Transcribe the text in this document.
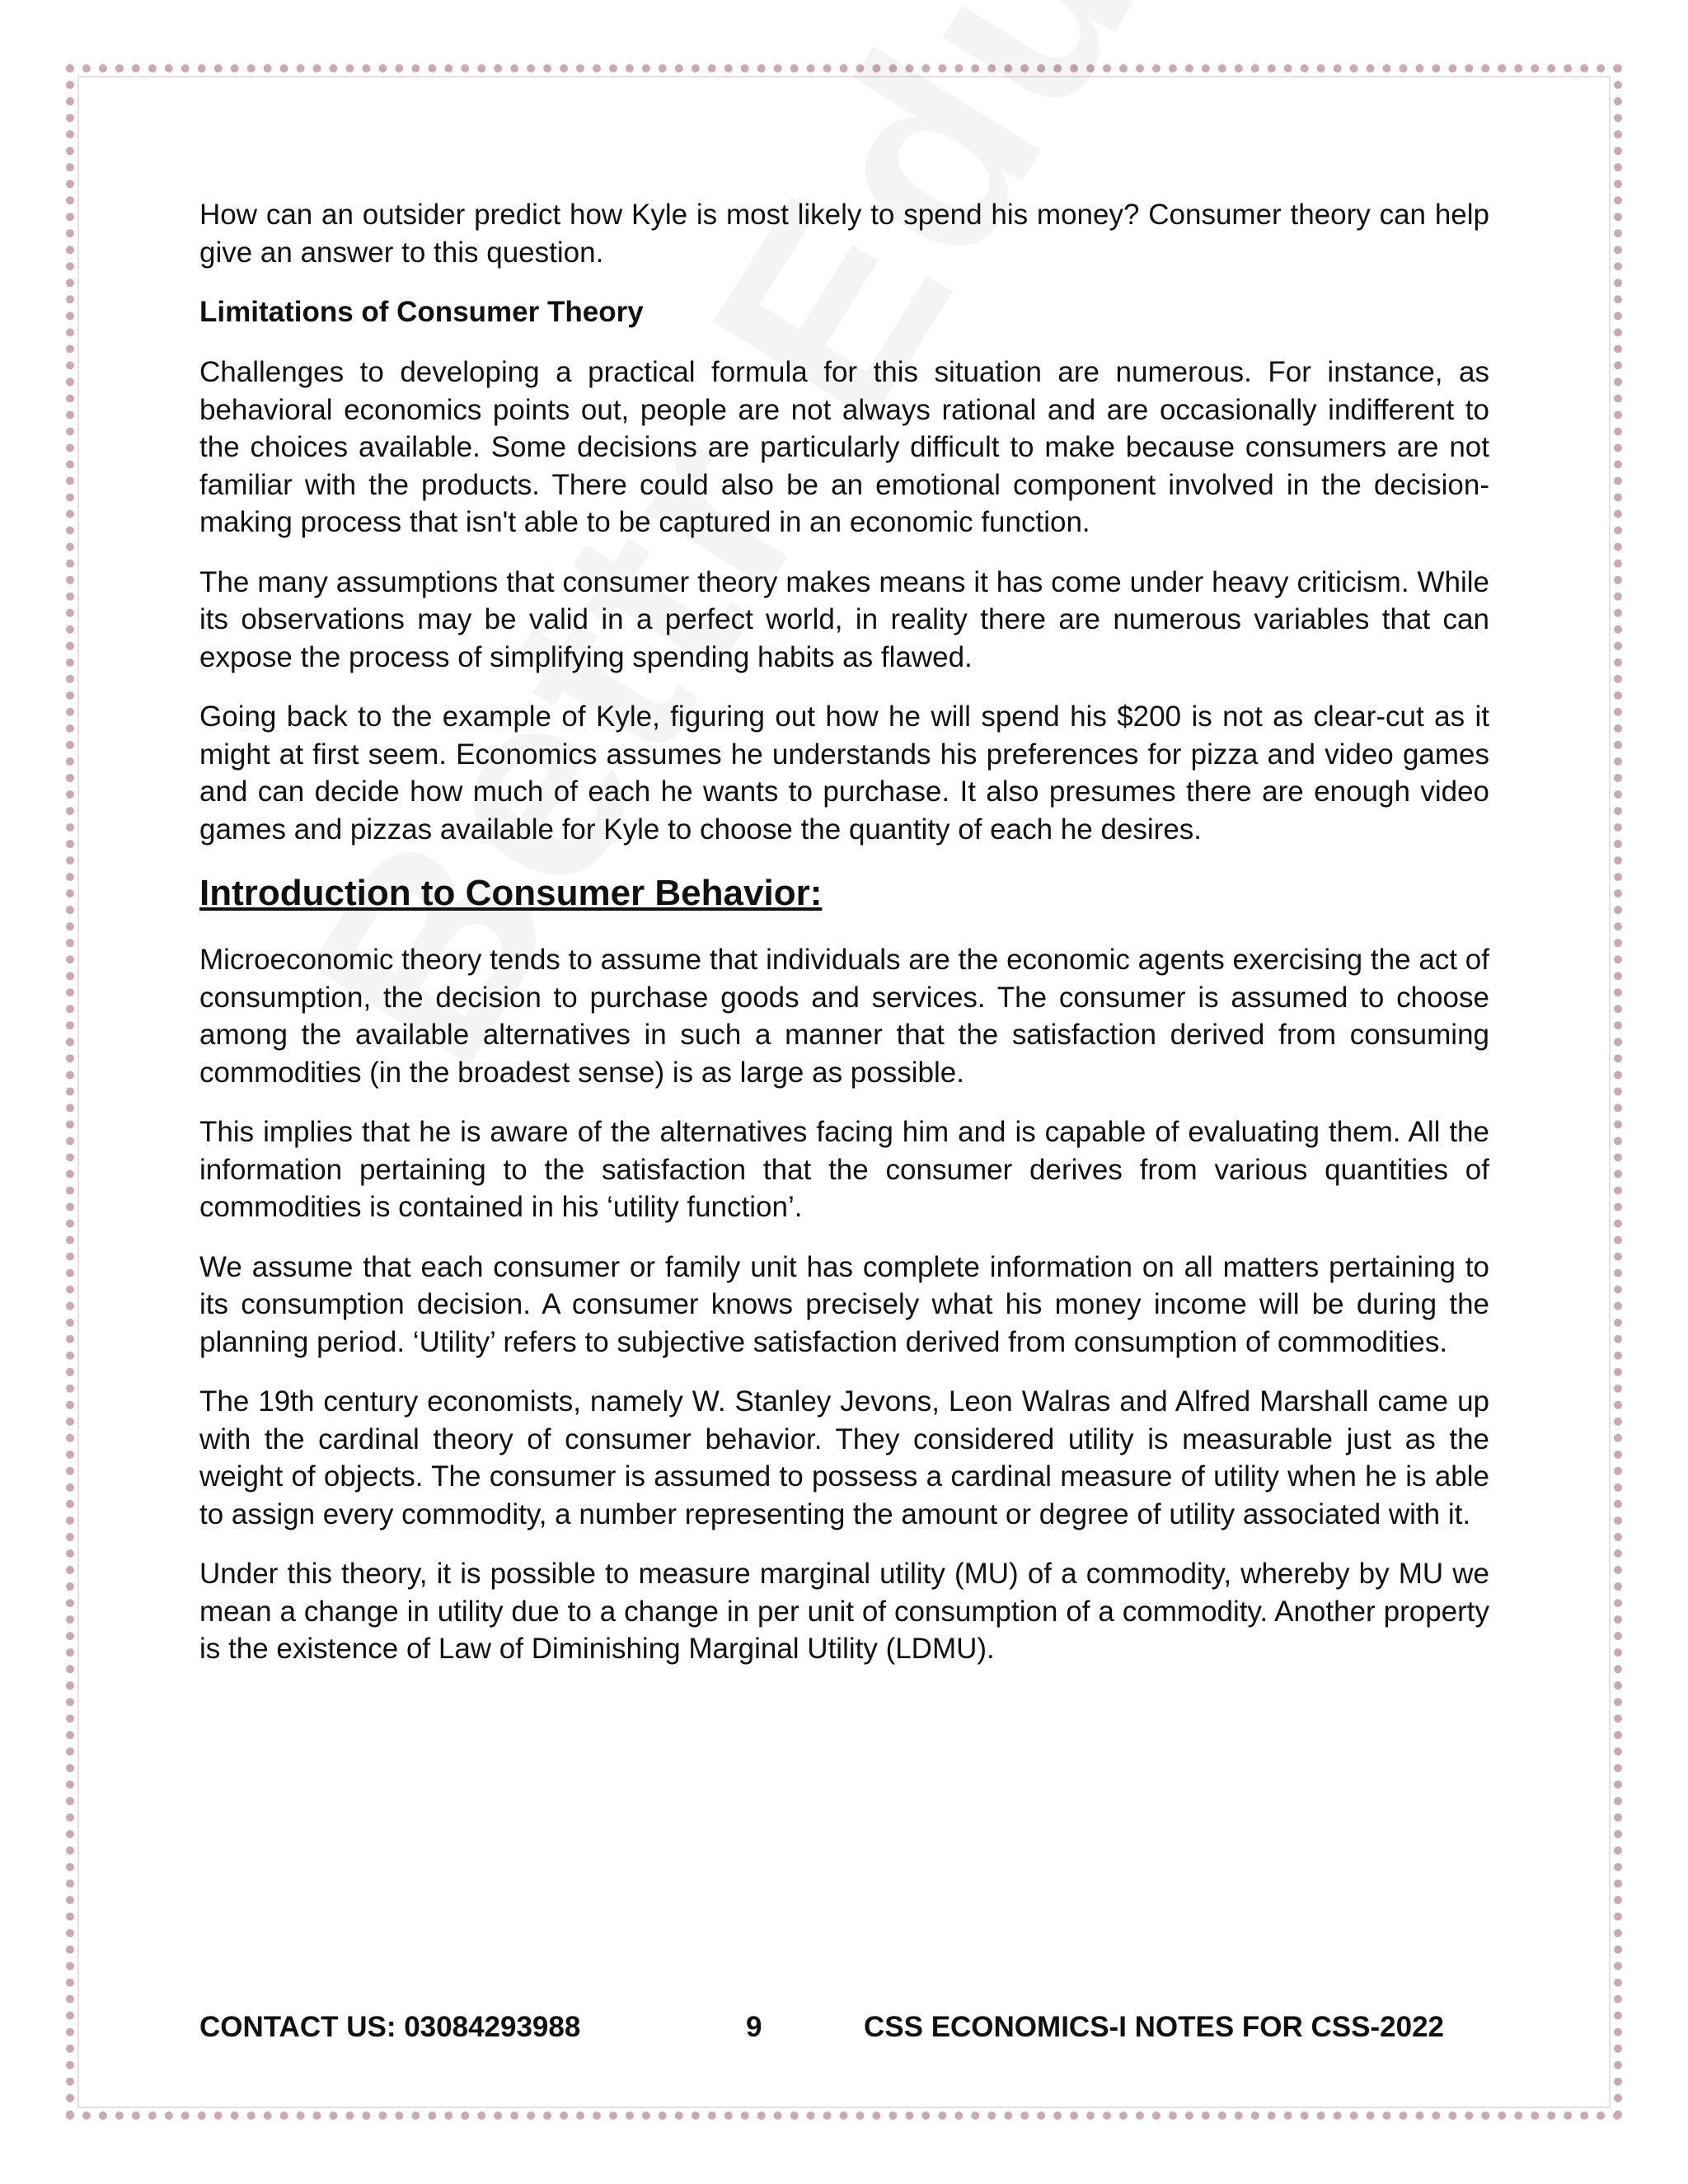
How can an outsider predict how Kyle is most likely to spend his money? Consumer theory can help give an answer to this question.

Limitations of Consumer Theory

Challenges to developing a practical formula for this situation are numerous. For instance, as behavioral economics points out, people are not always rational and are occasionally indifferent to the choices available. Some decisions are particularly difficult to make because consumers are not familiar with the products. There could also be an emotional component involved in the decision-making process that isn't able to be captured in an economic function.

The many assumptions that consumer theory makes means it has come under heavy criticism. While its observations may be valid in a perfect world, in reality there are numerous variables that can expose the process of simplifying spending habits as flawed.

Going back to the example of Kyle, figuring out how he will spend his $200 is not as clear-cut as it might at first seem. Economics assumes he understands his preferences for pizza and video games and can decide how much of each he wants to purchase. It also presumes there are enough video games and pizzas available for Kyle to choose the quantity of each he desires.

Introduction to Consumer Behavior:

Microeconomic theory tends to assume that individuals are the economic agents exercising the act of consumption, the decision to purchase goods and services. The consumer is assumed to choose among the available alternatives in such a manner that the satisfaction derived from consuming commodities (in the broadest sense) is as large as possible.

This implies that he is aware of the alternatives facing him and is capable of evaluating them. All the information pertaining to the satisfaction that the consumer derives from various quantities of commodities is contained in his ‘utility function’.

We assume that each consumer or family unit has complete information on all matters pertaining to its consumption decision. A consumer knows precisely what his money income will be during the planning period. ‘Utility’ refers to subjective satisfaction derived from consumption of commodities.

The 19th century economists, namely W. Stanley Jevons, Leon Walras and Alfred Marshall came up with the cardinal theory of consumer behavior. They considered utility is measurable just as the weight of objects. The consumer is assumed to possess a cardinal measure of utility when he is able to assign every commodity, a number representing the amount or degree of utility associated with it.

Under this theory, it is possible to measure marginal utility (MU) of a commodity, whereby by MU we mean a change in utility due to a change in per unit of consumption of a commodity. Another property is the existence of Law of Diminishing Marginal Utility (LDMU).

CONTACT US: 03084293988	9	CSS ECONOMICS-I NOTES FOR CSS-2022
